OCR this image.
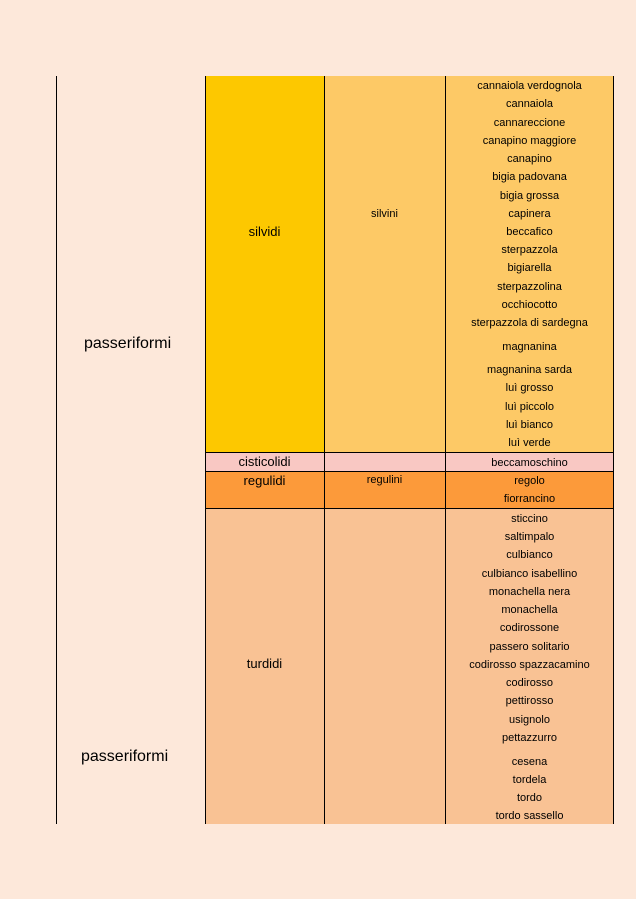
passeriformi
passeriformi
silvidi
cisticolidi
regulidi
turdidi
silvini
regulini
cannaiola verdognola
cannaiola
cannareccione
canapino maggiore
canapino
bigia padovana
bigia grossa
capinera
beccafico
sterpazzola
bigiarella
sterpazzolina
occhiocotto
sterpazzola di sardegna
magnanina
magnanina sarda
luì grosso
luì piccolo
luì bianco
luì verde
beccamoschino
regolo
fiorrancino
sticcino
saltimpalo
culbianco
culbianco isabellino
monachella nera
monachella
codirossone
passero solitario
codirosso spazzacamino
codirosso
pettirosso
usignolo
pettazzurro
cesena
tordela
tordo
tordo sassello
